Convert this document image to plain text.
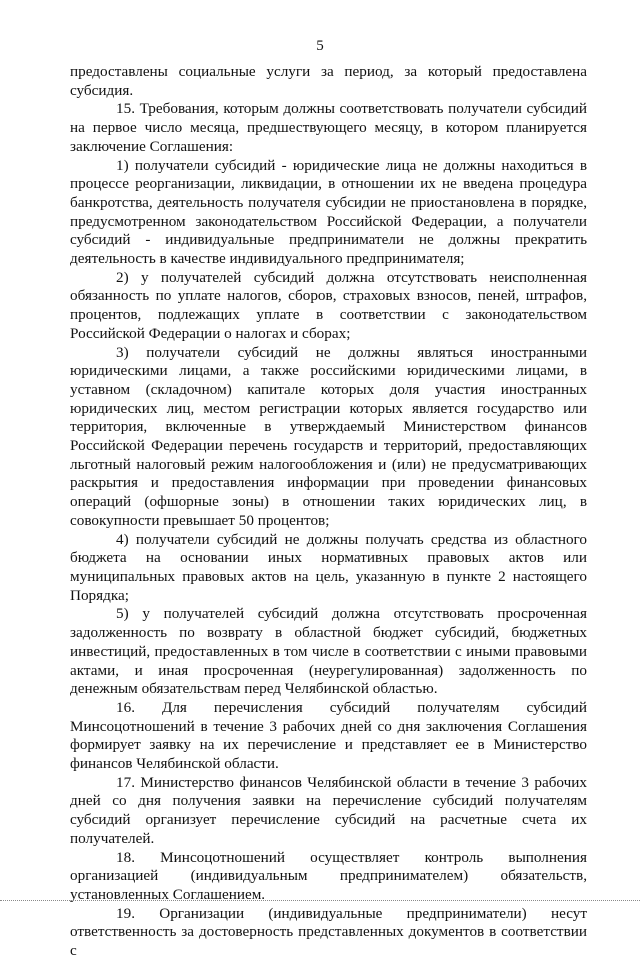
5

предоставлены социальные услуги за период, за который предоставлена субсидия.

15. Требования, которым должны соответствовать получатели субсидий на первое число месяца, предшествующего месяцу, в котором планируется заключение Соглашения:

1) получатели субсидий - юридические лица не должны находиться в процессе реорганизации, ликвидации, в отношении их не введена процедура банкротства, деятельность получателя субсидии не приостановлена в порядке, предусмотренном законодательством Российской Федерации, а получатели субсидий - индивидуальные предприниматели не должны прекратить деятельность в качестве индивидуального предпринимателя;

2) у получателей субсидий должна отсутствовать неисполненная обязанность по уплате налогов, сборов, страховых взносов, пеней, штрафов, процентов, подлежащих уплате в соответствии с законодательством Российской Федерации о налогах и сборах;

3) получатели субсидий не должны являться иностранными юридическими лицами, а также российскими юридическими лицами, в уставном (складочном) капитале которых доля участия иностранных юридических лиц, местом регистрации которых является государство или территория, включенные в утверждаемый Министерством финансов Российской Федерации перечень государств и территорий, предоставляющих льготный налоговый режим налогообложения и (или) не предусматривающих раскрытия и предоставления информации при проведении финансовых операций (офшорные зоны) в отношении таких юридических лиц, в совокупности превышает 50 процентов;

4) получатели субсидий не должны получать средства из областного бюджета на основании иных нормативных правовых актов или муниципальных правовых актов на цель, указанную в пункте 2 настоящего Порядка;

5) у получателей субсидий должна отсутствовать просроченная задолженность по возврату в областной бюджет субсидий, бюджетных инвестиций, предоставленных в том числе в соответствии с иными правовыми актами, и иная просроченная (неурегулированная) задолженность по денежным обязательствам перед Челябинской областью.

16. Для перечисления субсидий получателям субсидий Минсоцотношений в течение 3 рабочих дней со дня заключения Соглашения формирует заявку на их перечисление и представляет ее в Министерство финансов Челябинской области.

17. Министерство финансов Челябинской области в течение 3 рабочих дней со дня получения заявки на перечисление субсидий получателям субсидий организует перечисление субсидий на расчетные счета их получателей.

18. Минсоцотношений осуществляет контроль выполнения организацией (индивидуальным предпринимателем) обязательств, установленных Соглашением.

19. Организации (индивидуальные предприниматели) несут ответственность за достоверность представленных документов в соответствии с
